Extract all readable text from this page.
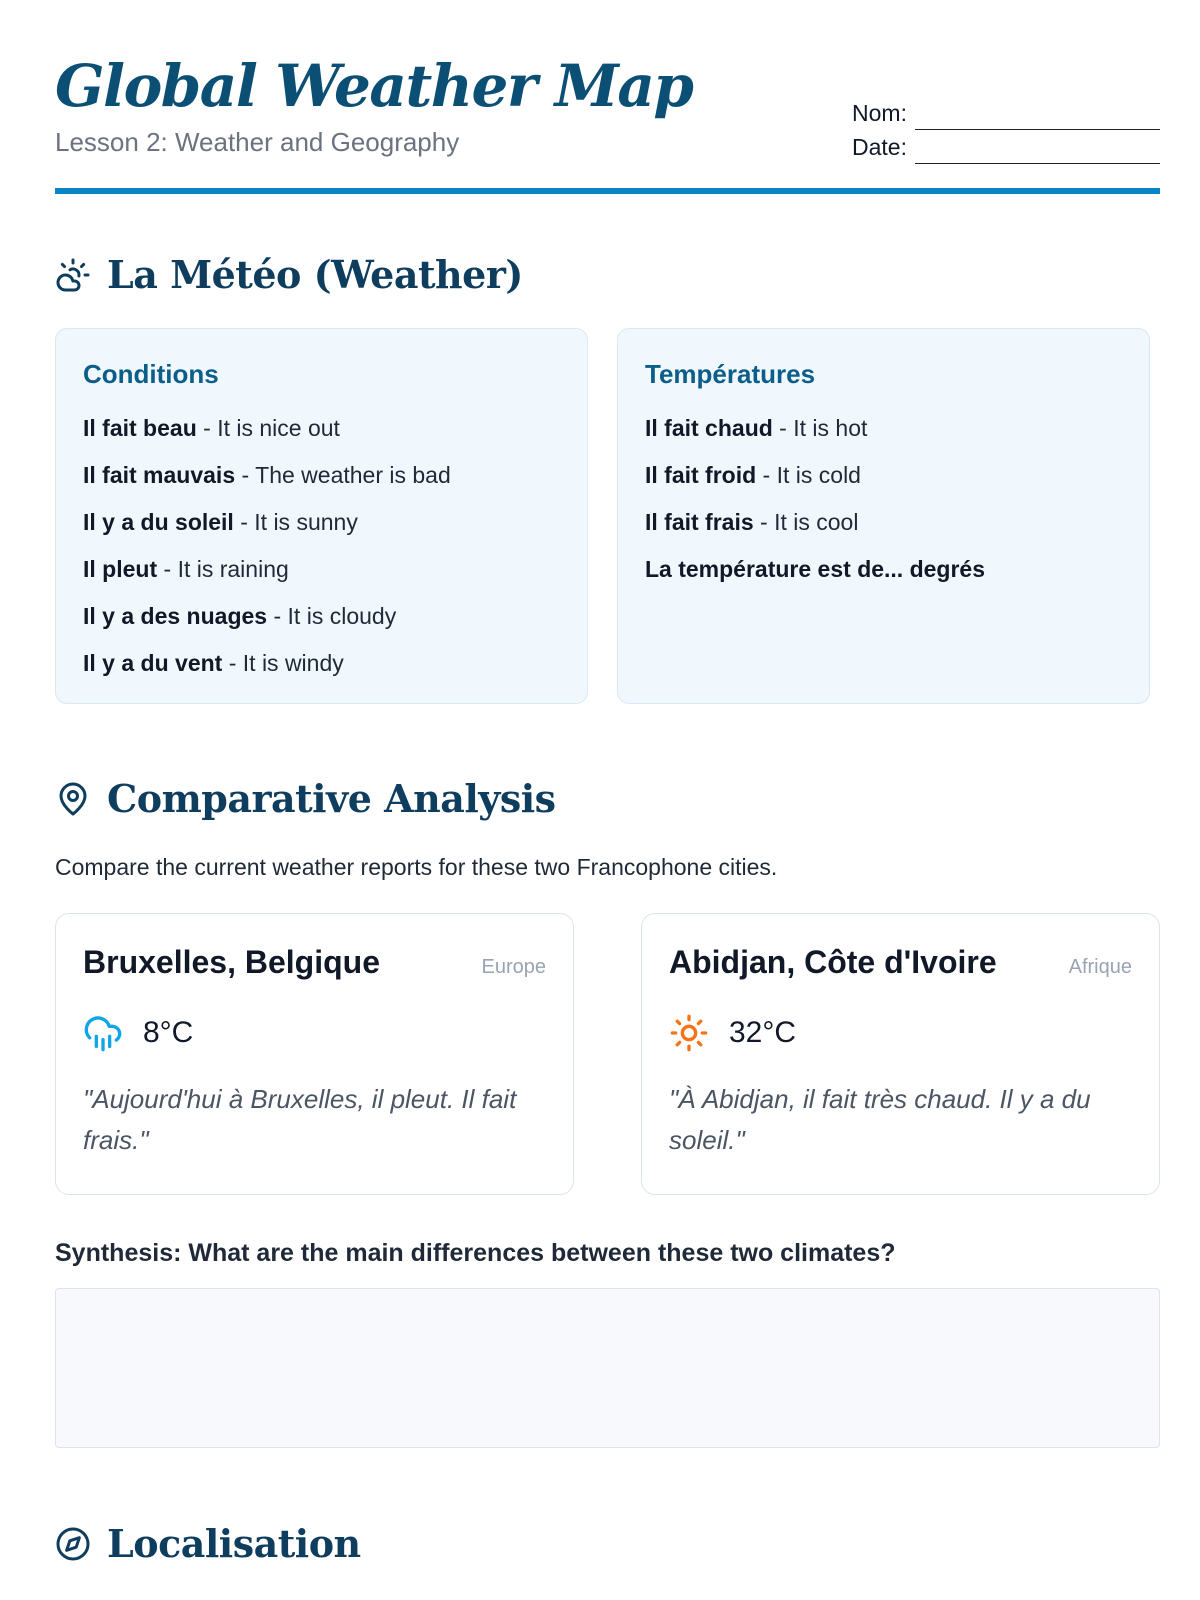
Global Weather Map
Lesson 2: Weather and Geography
Nom:
Date:
La Météo (Weather)
Conditions
Il fait beau - It is nice out
Il fait mauvais - The weather is bad
Il y a du soleil - It is sunny
Il pleut - It is raining
Il y a des nuages - It is cloudy
Il y a du vent - It is windy
Températures
Il fait chaud - It is hot
Il fait froid - It is cold
Il fait frais - It is cool
La température est de... degrés
Comparative Analysis
Compare the current weather reports for these two Francophone cities.
Bruxelles, Belgique	Europe
8°C
"Aujourd'hui à Bruxelles, il pleut. Il fait frais."
Abidjan, Côte d'Ivoire	Afrique
32°C
"À Abidjan, il fait très chaud. Il y a du soleil."
Synthesis: What are the main differences between these two climates?
Localisation
